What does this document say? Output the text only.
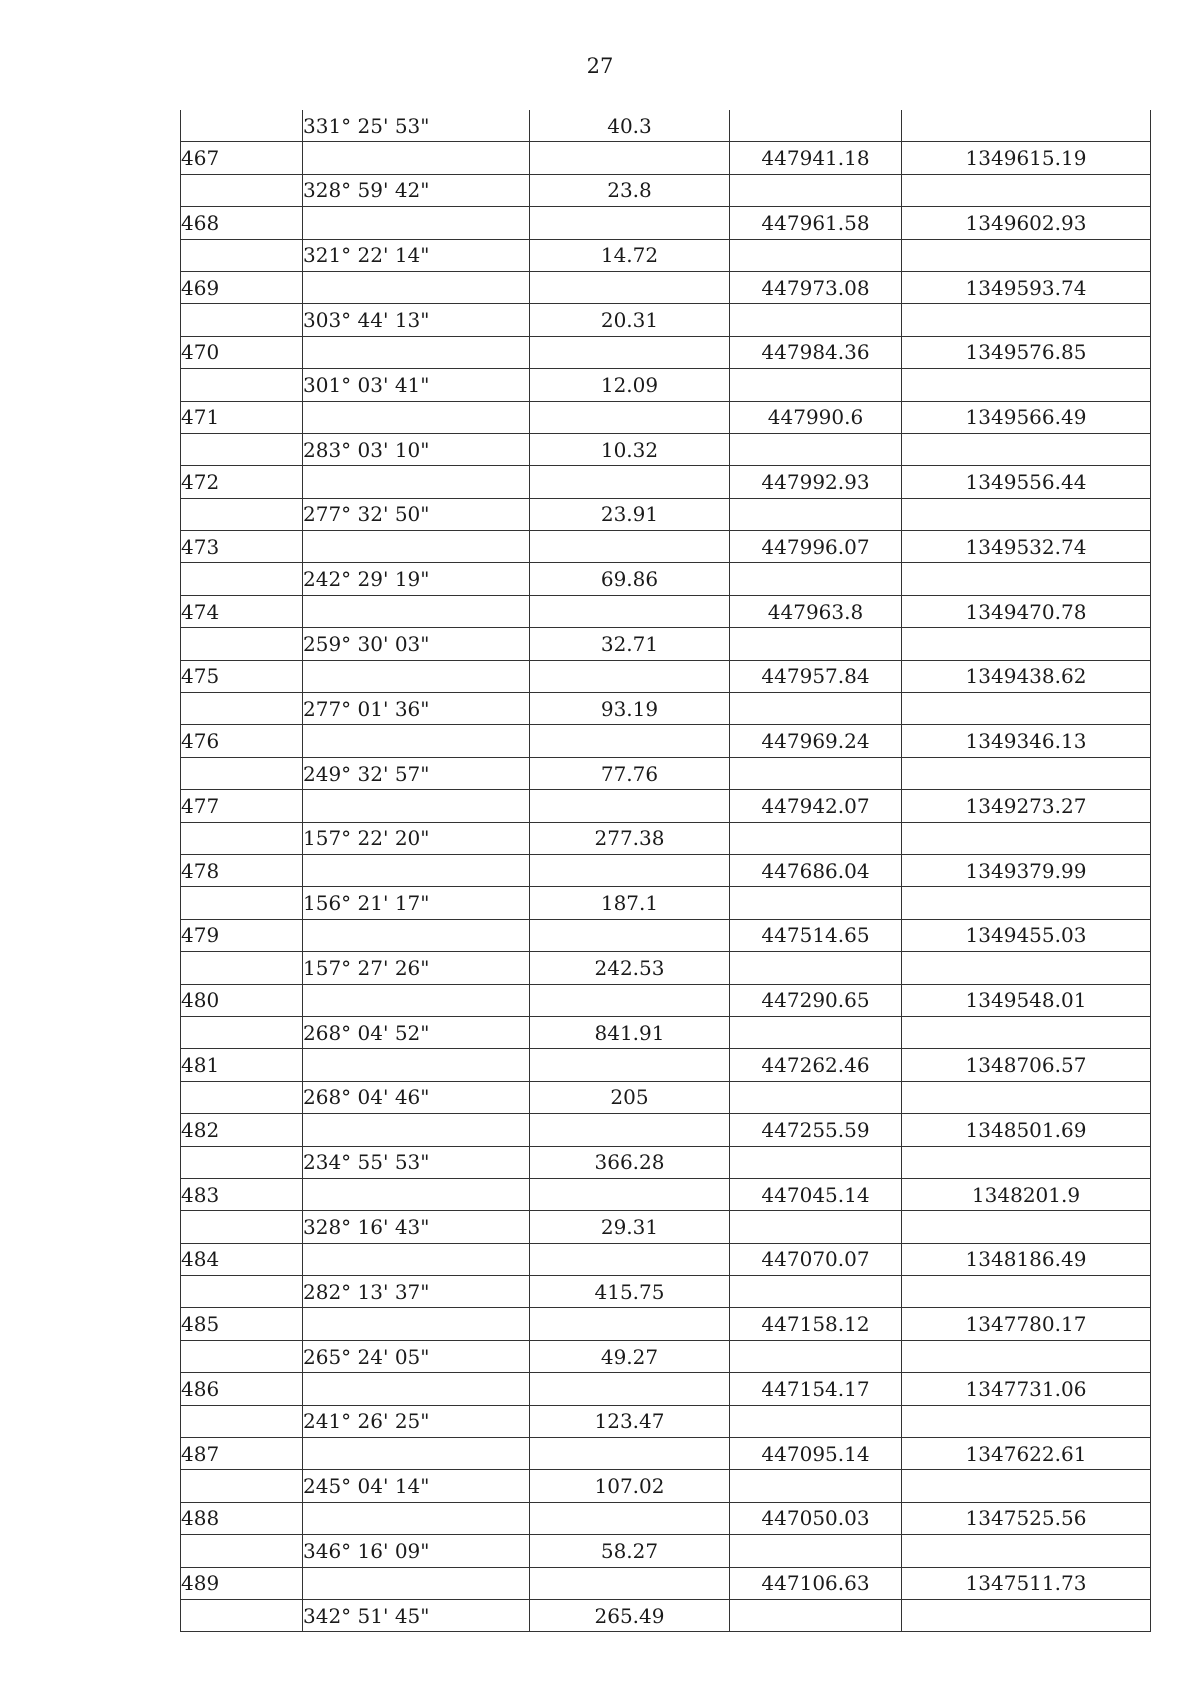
27
	331° 25' 53"	40.3		
467			447941.18	1349615.19
	328° 59' 42"	23.8		
468			447961.58	1349602.93
	321° 22' 14"	14.72		
469			447973.08	1349593.74
	303° 44' 13"	20.31		
470			447984.36	1349576.85
	301° 03' 41"	12.09		
471			447990.6	1349566.49
	283° 03' 10"	10.32		
472			447992.93	1349556.44
	277° 32' 50"	23.91		
473			447996.07	1349532.74
	242° 29' 19"	69.86		
474			447963.8	1349470.78
	259° 30' 03"	32.71		
475			447957.84	1349438.62
	277° 01' 36"	93.19		
476			447969.24	1349346.13
	249° 32' 57"	77.76		
477			447942.07	1349273.27
	157° 22' 20"	277.38		
478			447686.04	1349379.99
	156° 21' 17"	187.1		
479			447514.65	1349455.03
	157° 27' 26"	242.53		
480			447290.65	1349548.01
	268° 04' 52"	841.91		
481			447262.46	1348706.57
	268° 04' 46"	205		
482			447255.59	1348501.69
	234° 55' 53"	366.28		
483			447045.14	1348201.9
	328° 16' 43"	29.31		
484			447070.07	1348186.49
	282° 13' 37"	415.75		
485			447158.12	1347780.17
	265° 24' 05"	49.27		
486			447154.17	1347731.06
	241° 26' 25"	123.47		
487			447095.14	1347622.61
	245° 04' 14"	107.02		
488			447050.03	1347525.56
	346° 16' 09"	58.27		
489			447106.63	1347511.73
	342° 51' 45"	265.49		
